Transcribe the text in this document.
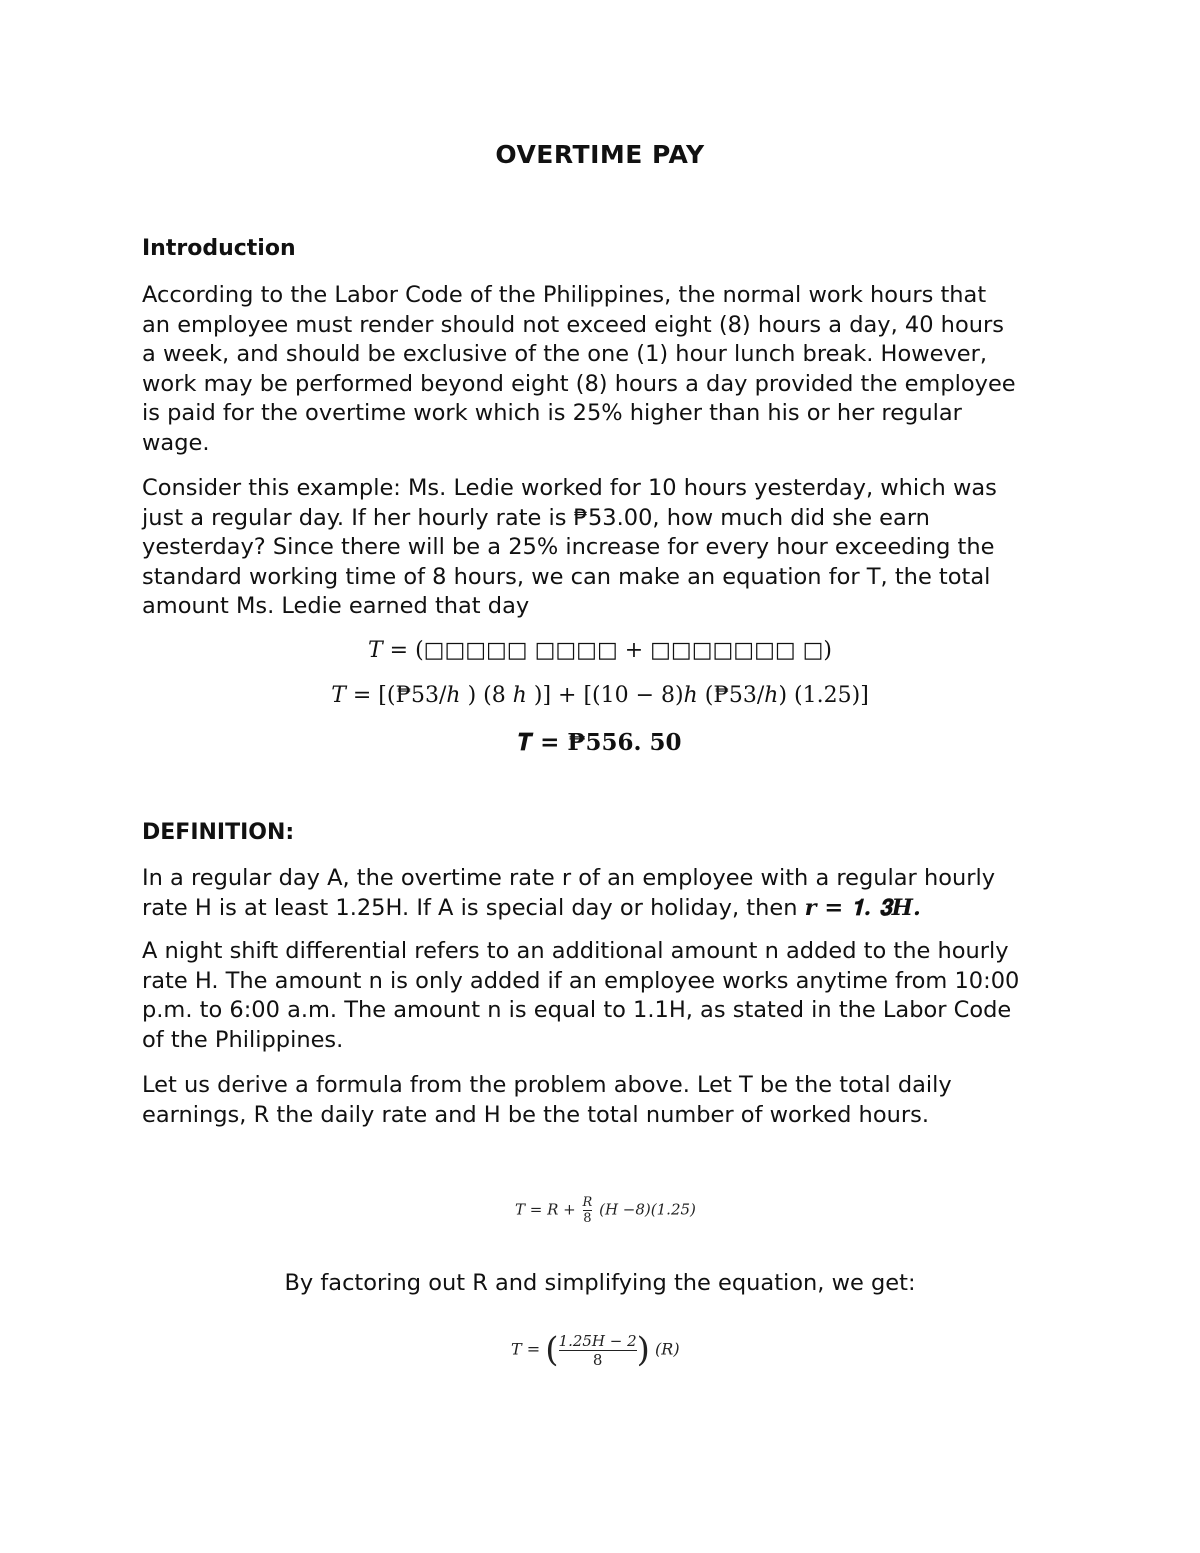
OVERTIME PAY
Introduction
According to the Labor Code of the Philippines, the normal work hours that
an employee must render should not exceed eight (8) hours a day, 40 hours
a week, and should be exclusive of the one (1) hour lunch break. However,
work may be performed beyond eight (8) hours a day provided the employee
is paid for the overtime work which is 25% higher than his or her regular
wage.
Consider this example: Ms. Ledie worked for 10 hours yesterday, which was
just a regular day. If her hourly rate is ₱53.00, how much did she earn
yesterday? Since there will be a 25% increase for every hour exceeding the
standard working time of 8 hours, we can make an equation for T, the total
amount Ms. Ledie earned that day
𝑇 = (□□□□□ □□□□ + □□□□□□□ □)
𝑇 = [(₱53/ℎ ) (8 ℎ )] + [(10 − 8)ℎ (₱53/ℎ) (1.25)]
𝑻 = ₱𝟓𝟓𝟔. 𝟓𝟎
DEFINITION:
In a regular day A, the overtime rate r of an employee with a regular hourly
rate H is at least 1.25H. If A is special day or holiday, then 𝒓 = 𝟏. 𝟑𝑯.
A night shift differential refers to an additional amount n added to the hourly
rate H. The amount n is only added if an employee works anytime from 10:00
p.m. to 6:00 a.m. The amount n is equal to 1.1H, as stated in the Labor Code
of the Philippines.
Let us derive a formula from the problem above. Let T be the total daily
earnings, R the daily rate and H be the total number of worked hours.
$T = R + \frac{R}{8} (H -8)(1.25)$
By factoring out R and simplifying the equation, we get:
T = ( $\frac{1.25H - 2}{8}$ ) (R)
